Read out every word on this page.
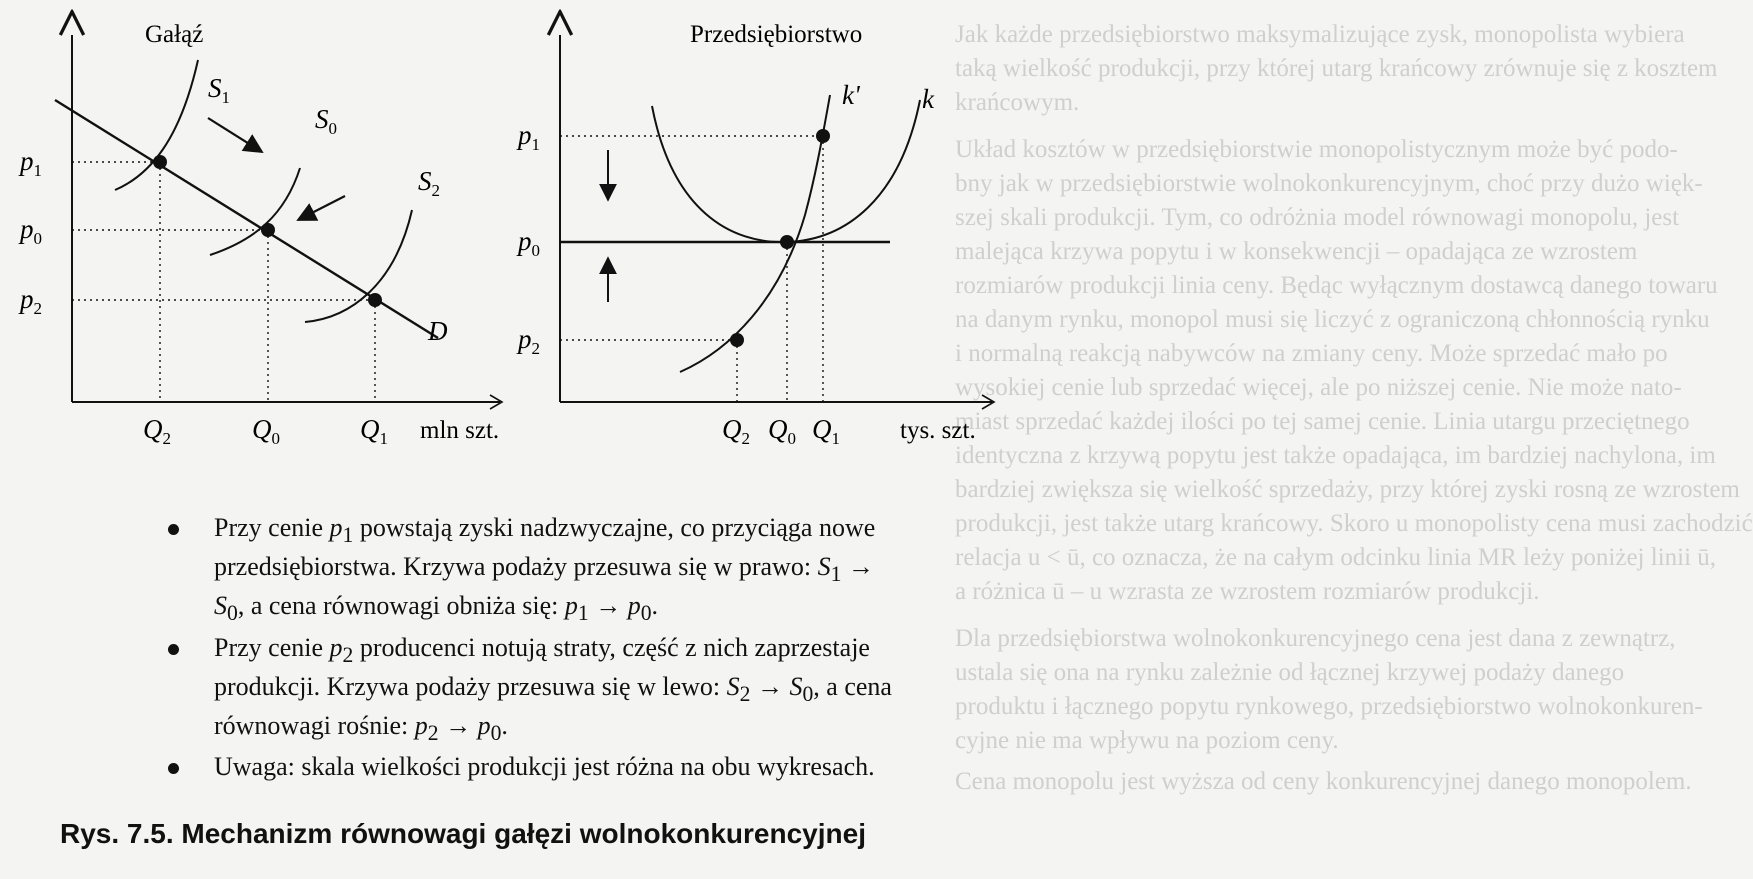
Jak każde przedsiębiorstwo maksymalizujące zysk, monopolista wybiera
taką wielkość produkcji, przy której utarg krańcowy zrównuje się z kosztem
krańcowym.
Układ kosztów w przedsiębiorstwie monopolistycznym może być podo-
bny jak w przedsiębiorstwie wolnokonkurencyjnym, choć przy dużo więk-
szej skali produkcji. Tym, co odróżnia model równowagi monopolu, jest
malejąca krzywa popytu i w konsekwencji – opadająca ze wzrostem
rozmiarów produkcji linia ceny. Będąc wyłącznym dostawcą danego towaru
na danym rynku, monopol musi się liczyć z ograniczoną chłonnością rynku
i normalną reakcją nabywców na zmiany ceny. Może sprzedać mało po
wysokiej cenie lub sprzedać więcej, ale po niższej cenie. Nie może nato-
miast sprzedać każdej ilości po tej samej cenie. Linia utargu przeciętnego
identyczna z krzywą popytu jest także opadająca, im bardziej nachylona, im
bardziej zwiększa się wielkość sprzedaży, przy której zyski rosną ze wzrostem
produkcji, jest także utarg krańcowy. Skoro u monopolisty cena musi zachodzić
relacja u < ū, co oznacza, że na całym odcinku linia MR leży poniżej linii ū,
a różnica ū – u wzrasta ze wzrostem rozmiarów produkcji.
Dla przedsiębiorstwa wolnokonkurencyjnego cena jest dana z zewnątrz,
ustala się ona na rynku zależnie od łącznej krzywej podaży danego
produktu i łącznego popytu rynkowego, przedsiębiorstwo wolnokonkuren-
cyjne nie ma wpływu na poziom ceny.
Cena monopolu jest wyższa od ceny konkurencyjnej danego monopolem.
Gałąź
$S_1$
$S_0$
$S_2$
D
$p_1$
$p_0$
$p_2$
$Q_2$	$Q_0$	$Q_1$ mln szt.
Przedsiębiorstwo
k' k
$p_1$
$p_0$
$p_2$
$Q_2$ $Q_0$ $Q_1$ tys. szt.
Przy cenie $p_1$ powstają zyski nadzwyczajne, co przyciąga nowe przedsiębiorstwa. Krzywa podaży przesuwa się w prawo: $S_1 \to S_0$, a cena równowagi obniża się: $p_1 \to p_0$.
Przy cenie $p_2$ producenci notują straty, część z nich zaprzestaje produkcji. Krzywa podaży przesuwa się w lewo: $S_2 \to S_0$, a cena równowagi rośnie: $p_2 \to p_0$.
Uwaga: skala wielkości produkcji jest różna na obu wykresach.
Rys. 7.5. Mechanizm równowagi gałęzi wolnokonkurencyjnej
